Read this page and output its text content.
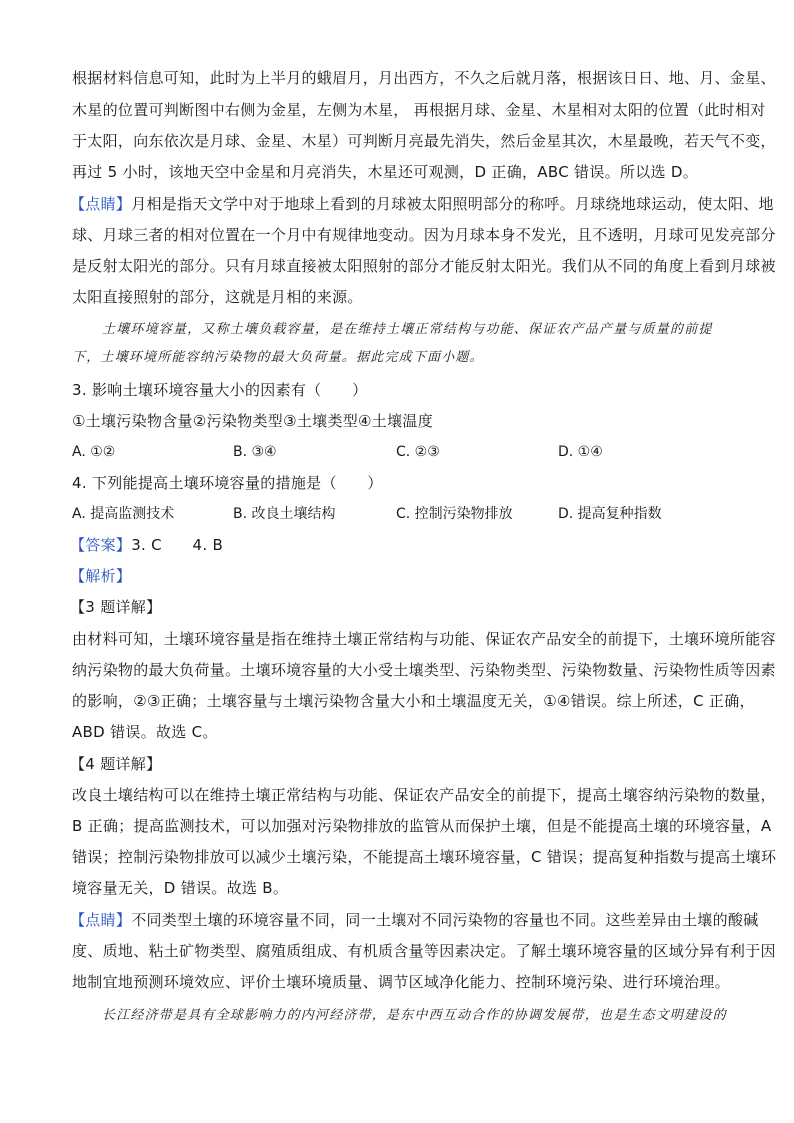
根据材料信息可知，此时为上半月的蛾眉月，月出西方，不久之后就月落，根据该日日、地、月、金星、
木星的位置可判断图中右侧为金星，左侧为木星， 再根据月球、金星、木星相对太阳的位置（此时相对
于太阳，向东依次是月球、金星、木星）可判断月亮最先消失，然后金星其次，木星最晚，若天气不变，
再过 5 小时，该地天空中金星和月亮消失，木星还可观测，D 正确，ABC 错误。所以选 D。
【点睛】月相是指天文学中对于地球上看到的月球被太阳照明部分的称呼。月球绕地球运动，使太阳、地
球、月球三者的相对位置在一个月中有规律地变动。因为月球本身不发光，且不透明，月球可见发亮部分
是反射太阳光的部分。只有月球直接被太阳照射的部分才能反射太阳光。我们从不同的角度上看到月球被
太阳直接照射的部分，这就是月相的来源。
土壤环境容量，又称土壤负载容量，是在维持土壤正常结构与功能、保证农产品产量与质量的前提
下，土壤环境所能容纳污染物的最大负荷量。据此完成下面小题。
3. 影响土壤环境容量大小的因素有（　　）
①土壤污染物含量②污染物类型③土壤类型④土壤温度
A. ①②	B. ③④	C. ②③	D. ①④
4. 下列能提高土壤环境容量的措施是（　　）
A. 提高监测技术	B. 改良土壤结构	C. 控制污染物排放	D. 提高复种指数
【答案】3. C　　4. B
【解析】
【3 题详解】
由材料可知，土壤环境容量是指在维持土壤正常结构与功能、保证农产品安全的前提下，土壤环境所能容
纳污染物的最大负荷量。土壤环境容量的大小受土壤类型、污染物类型、污染物数量、污染物性质等因素
的影响，②③正确；土壤容量与土壤污染物含量大小和土壤温度无关，①④错误。综上所述，C 正确，
ABD 错误。故选 C。
【4 题详解】
改良土壤结构可以在维持土壤正常结构与功能、保证农产品安全的前提下，提高土壤容纳污染物的数量，
B 正确；提高监测技术，可以加强对污染物排放的监管从而保护土壤，但是不能提高土壤的环境容量，A
错误；控制污染物排放可以减少土壤污染，不能提高土壤环境容量，C 错误；提高复种指数与提高土壤环
境容量无关，D 错误。故选 B。
【点睛】不同类型土壤的环境容量不同，同一土壤对不同污染物的容量也不同。这些差异由土壤的酸碱
度、质地、粘土矿物类型、腐殖质组成、有机质含量等因素决定。了解土壤环境容量的区域分异有利于因
地制宜地预测环境效应、评价土壤环境质量、调节区域净化能力、控制环境污染、进行环境治理。
长江经济带是具有全球影响力的内河经济带，是东中西互动合作的协调发展带，也是生态文明建设的
